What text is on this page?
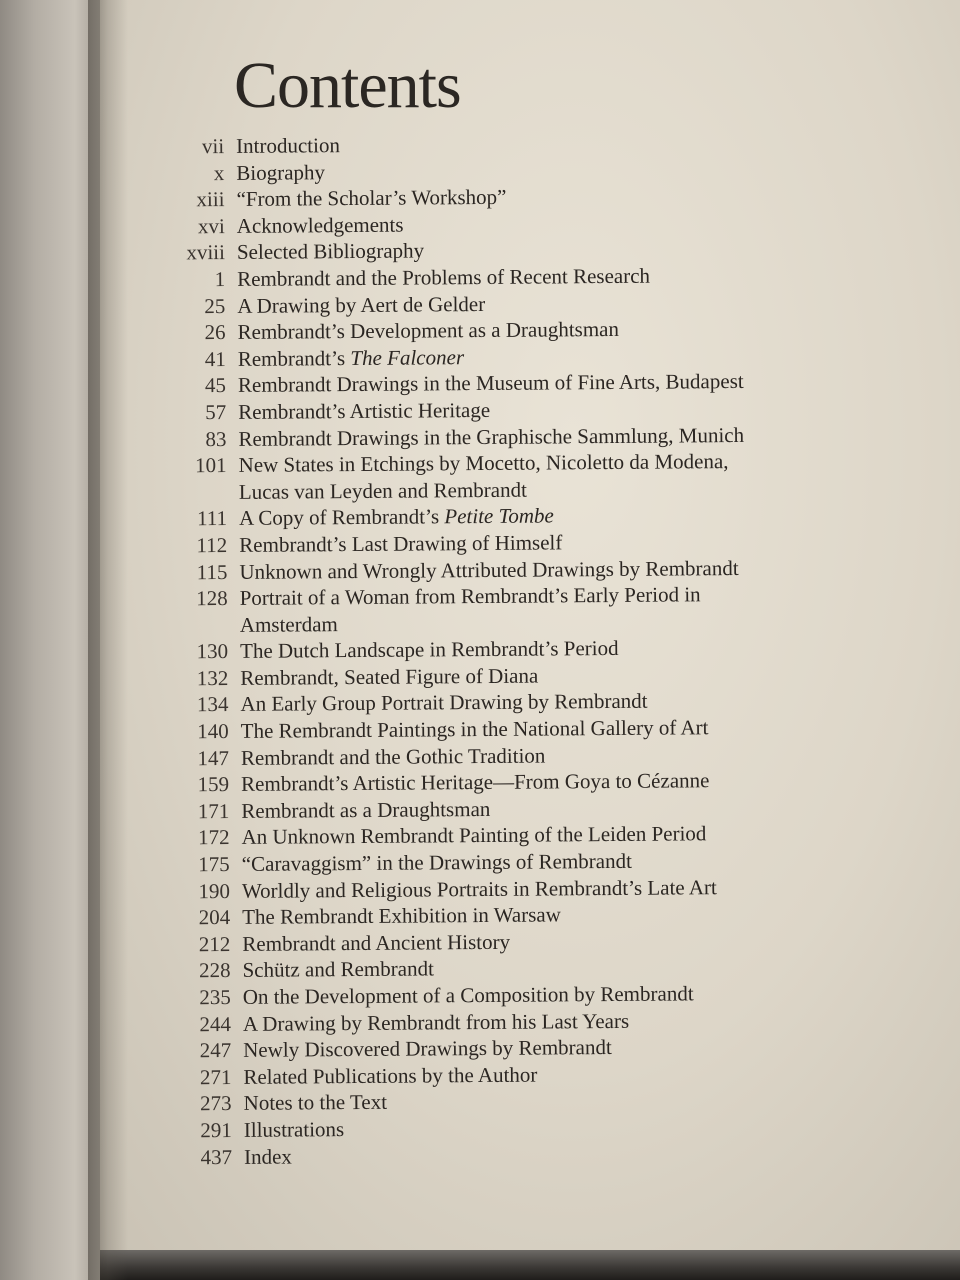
Contents
vii Introduction
x Biography
xiii “From the Scholar’s Workshop”
xvi Acknowledgements
xviii Selected Bibliography
1 Rembrandt and the Problems of Recent Research
25 A Drawing by Aert de Gelder
26 Rembrandt’s Development as a Draughtsman
41 Rembrandt’s The Falconer
45 Rembrandt Drawings in the Museum of Fine Arts, Budapest
57 Rembrandt’s Artistic Heritage
83 Rembrandt Drawings in the Graphische Sammlung, Munich
101 New States in Etchings by Mocetto, Nicoletto da Modena, Lucas van Leyden and Rembrandt
111 A Copy of Rembrandt’s Petite Tombe
112 Rembrandt’s Last Drawing of Himself
115 Unknown and Wrongly Attributed Drawings by Rembrandt
128 Portrait of a Woman from Rembrandt’s Early Period in Amsterdam
130 The Dutch Landscape in Rembrandt’s Period
132 Rembrandt, Seated Figure of Diana
134 An Early Group Portrait Drawing by Rembrandt
140 The Rembrandt Paintings in the National Gallery of Art
147 Rembrandt and the Gothic Tradition
159 Rembrandt’s Artistic Heritage—From Goya to Cézanne
171 Rembrandt as a Draughtsman
172 An Unknown Rembrandt Painting of the Leiden Period
175 “Caravaggism” in the Drawings of Rembrandt
190 Worldly and Religious Portraits in Rembrandt’s Late Art
204 The Rembrandt Exhibition in Warsaw
212 Rembrandt and Ancient History
228 Schütz and Rembrandt
235 On the Development of a Composition by Rembrandt
244 A Drawing by Rembrandt from his Last Years
247 Newly Discovered Drawings by Rembrandt
271 Related Publications by the Author
273 Notes to the Text
291 Illustrations
437 Index
